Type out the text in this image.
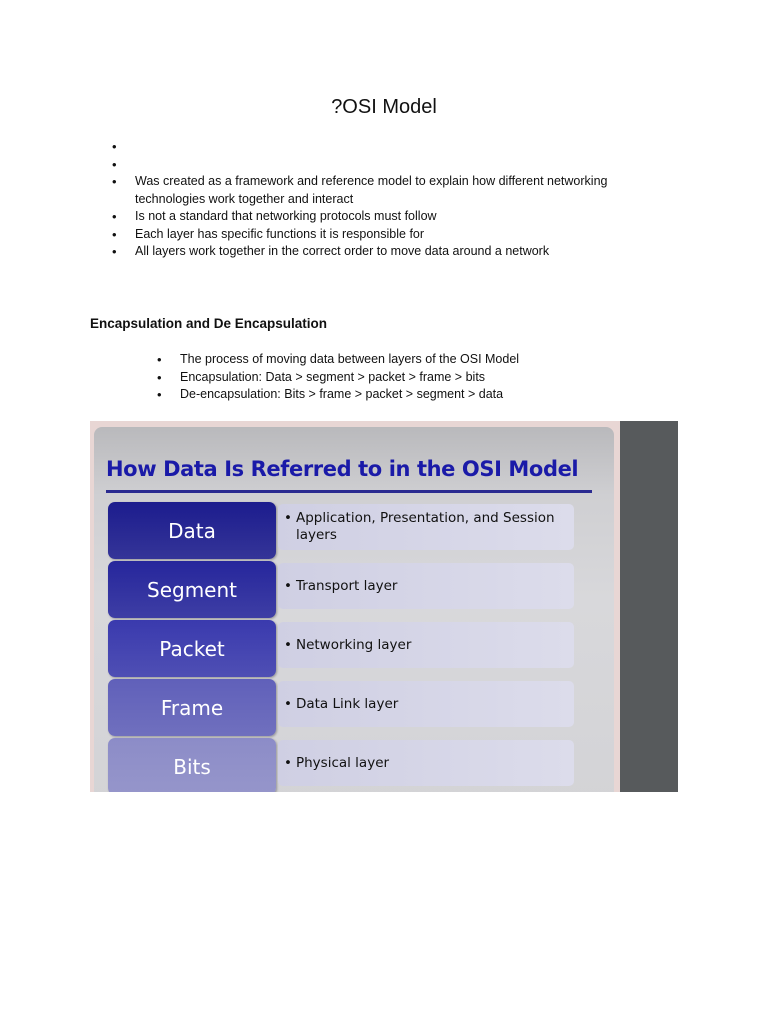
?OSI Model
•
•
• Was created as a framework and reference model to explain how different networking technologies work together and interact
• Is not a standard that networking protocols must follow
• Each layer has specific functions it is responsible for
• All layers work together in the correct order to move data around a network
Encapsulation and De Encapsulation
• The process of moving data between layers of the OSI Model
• Encapsulation: Data > segment > packet > frame > bits
• De-encapsulation: Bits > frame > packet > segment > data
How Data Is Referred to in the OSI Model
Data
• Application, Presentation, and Session layers
Segment	• Transport layer
Packet	• Networking layer
Frame	• Data Link layer
Bits	• Physical layer
